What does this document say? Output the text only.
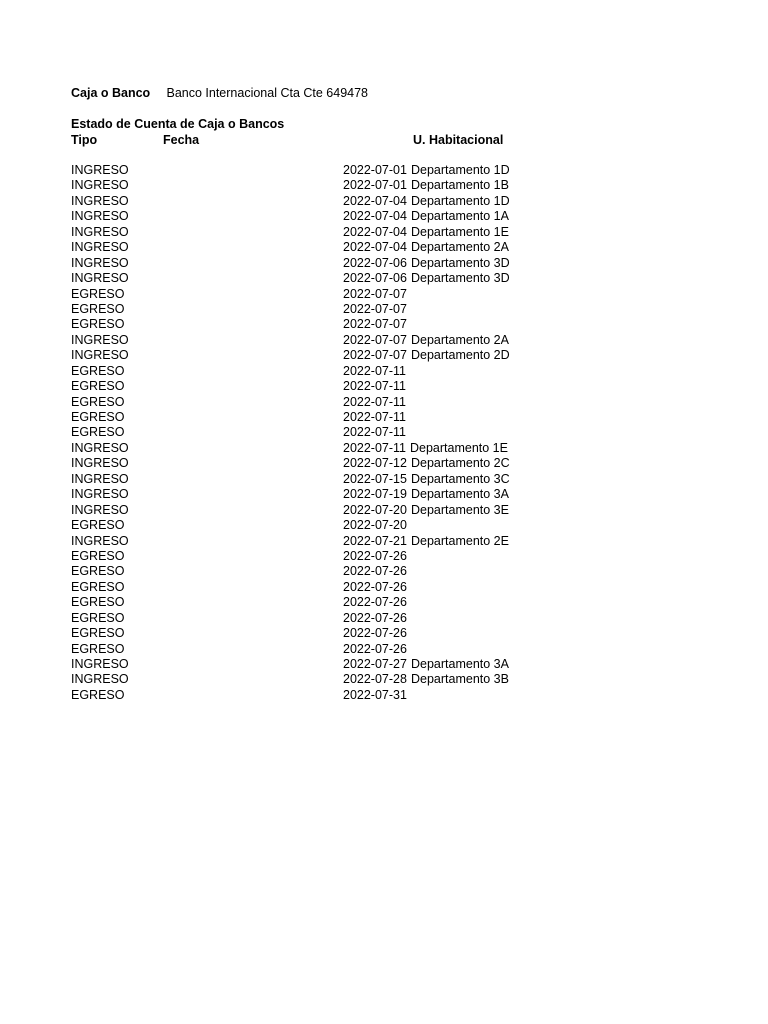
Caja o Banco Banco Internacional Cta Cte 649478
Estado de Cuenta de Caja o Bancos
Tipo	Fecha	U. Habitacional
INGRESO	2022-07-01 Departamento 1D
INGRESO	2022-07-01 Departamento 1B
INGRESO	2022-07-04 Departamento 1D
INGRESO	2022-07-04 Departamento 1A
INGRESO	2022-07-04 Departamento 1E
INGRESO	2022-07-04 Departamento 2A
INGRESO	2022-07-06 Departamento 3D
INGRESO	2022-07-06 Departamento 3D
EGRESO	2022-07-07
EGRESO	2022-07-07
EGRESO	2022-07-07
INGRESO	2022-07-07 Departamento 2A
INGRESO	2022-07-07 Departamento 2D
EGRESO	2022-07-11
EGRESO	2022-07-11
EGRESO	2022-07-11
EGRESO	2022-07-11
EGRESO	2022-07-11
INGRESO	2022-07-11 Departamento 1E
INGRESO	2022-07-12 Departamento 2C
INGRESO	2022-07-15 Departamento 3C
INGRESO	2022-07-19 Departamento 3A
INGRESO	2022-07-20 Departamento 3E
EGRESO	2022-07-20
INGRESO	2022-07-21 Departamento 2E
EGRESO	2022-07-26
EGRESO	2022-07-26
EGRESO	2022-07-26
EGRESO	2022-07-26
EGRESO	2022-07-26
EGRESO	2022-07-26
EGRESO	2022-07-26
INGRESO	2022-07-27 Departamento 3A
INGRESO	2022-07-28 Departamento 3B
EGRESO	2022-07-31
